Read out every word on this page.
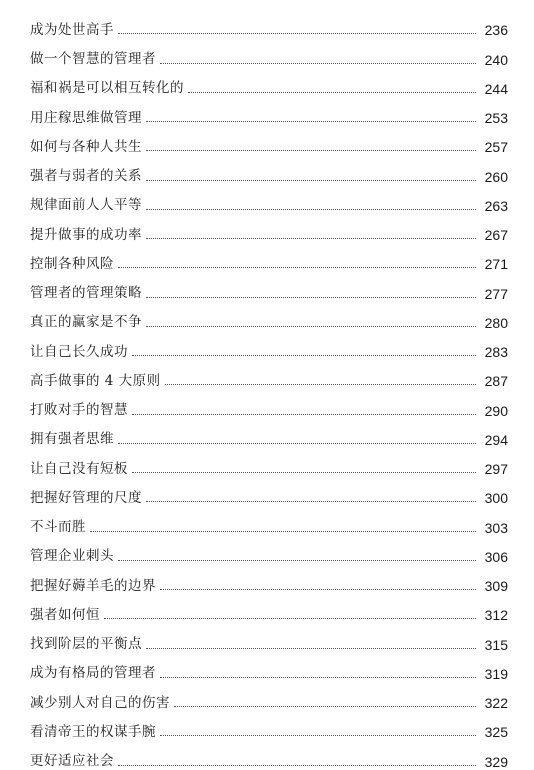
成为处世高手	236
做一个智慧的管理者	240
福和祸是可以相互转化的	244
用庄稼思维做管理	253
如何与各种人共生	257
强者与弱者的关系	260
规律面前人人平等	263
提升做事的成功率	267
控制各种风险	271
管理者的管理策略	277
真正的赢家是不争	280
让自己长久成功	283
高手做事的 4 大原则	287
打败对手的智慧	290
拥有强者思维	294
让自己没有短板	297
把握好管理的尺度	300
不斗而胜	303
管理企业刺头	306
把握好薅羊毛的边界	309
强者如何恒	312
找到阶层的平衡点	315
成为有格局的管理者	319
减少别人对自己的伤害	322
看清帝王的权谋手腕	325
更好适应社会	329
